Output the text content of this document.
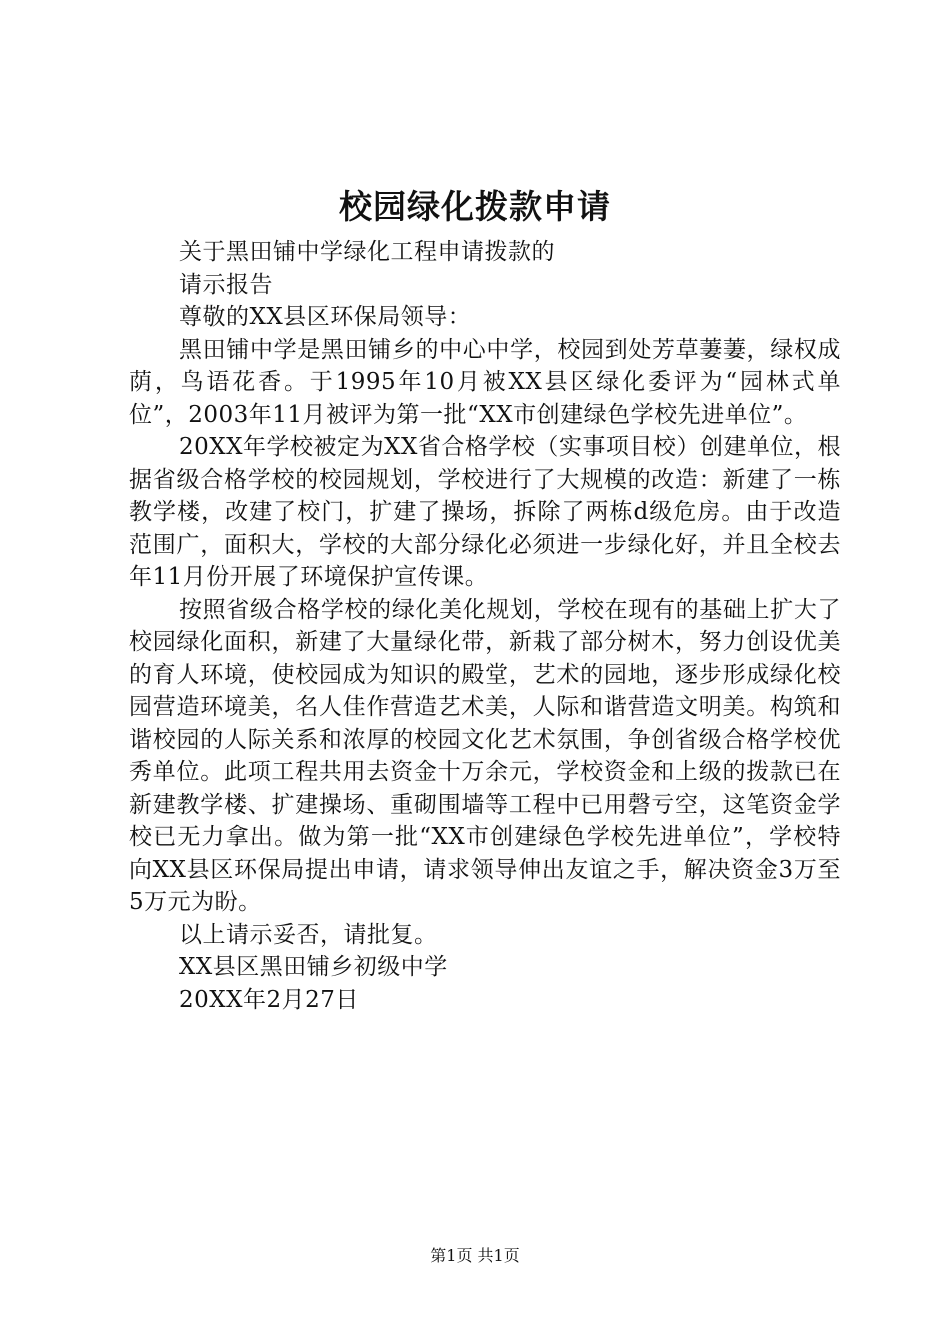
校园绿化拨款申请
关于黑田铺中学绿化工程申请拨款的
请示报告
尊敬的XX县区环保局领导：

黑田铺中学是黑田铺乡的中心中学，校园到处芳草萋萋，绿权成荫，鸟语花香。于1995年10月被XX县区绿化委评为“园林式单位”，2003年11月被评为第一批“XX市创建绿色学校先进单位”。

20XX年学校被定为XX省合格学校（实事项目校）创建单位，根据省级合格学校的校园规划，学校进行了大规模的改造：新建了一栋教学楼，改建了校门，扩建了操场，拆除了两栋d级危房。由于改造范围广，面积大，学校的大部分绿化必须进一步绿化好，并且全校去年11月份开展了环境保护宣传课。

按照省级合格学校的绿化美化规划，学校在现有的基础上扩大了校园绿化面积，新建了大量绿化带，新栽了部分树木，努力创设优美的育人环境，使校园成为知识的殿堂，艺术的园地，逐步形成绿化校园营造环境美，名人佳作营造艺术美，人际和谐营造文明美。构筑和谐校园的人际关系和浓厚的校园文化艺术氛围，争创省级合格学校优秀单位。此项工程共用去资金十万余元，学校资金和上级的拨款已在新建教学楼、扩建操场、重砌围墙等工程中已用磬亏空，这笔资金学校已无力拿出。做为第一批“XX市创建绿色学校先进单位”，学校特向XX县区环保局提出申请，请求领导伸出友谊之手，解决资金3万至5万元为盼。

以上请示妥否，请批复。
XX县区黑田铺乡初级中学
20XX年2月27日
第1页 共1页
